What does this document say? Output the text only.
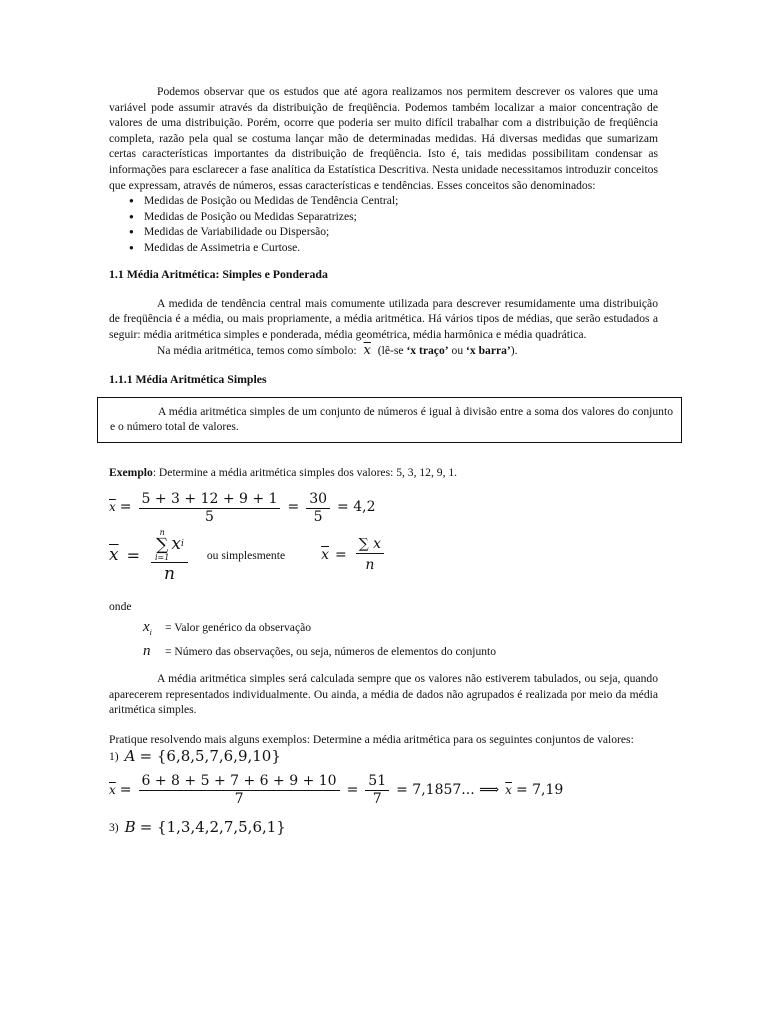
Podemos observar que os estudos que até agora realizamos nos permitem descrever os valores que uma variável pode assumir através da distribuição de freqüência. Podemos também localizar a maior concentração de valores de uma distribuição. Porém, ocorre que poderia ser muito difícil trabalhar com a distribuição de freqüência completa, razão pela qual se costuma lançar mão de determinadas medidas. Há diversas medidas que sumarizam certas características importantes da distribuição de freqüência. Isto é, tais medidas possibilitam condensar as informações para esclarecer a fase analítica da Estatística Descritiva. Nesta unidade necessitamos introduzir conceitos que expressam, através de números, essas características e tendências. Esses conceitos são denominados:

● Medidas de Posição ou Medidas de Tendência Central;
● Medidas de Posição ou Medidas Separatrizes;
● Medidas de Variabilidade ou Dispersão;
● Medidas de Assimetria e Curtose.
1.1 Média Aritmética: Simples e Ponderada

A medida de tendência central mais comumente utilizada para descrever resumidamente uma distribuição de freqüência é a média, ou mais propriamente, a média aritmética. Há vários tipos de médias, que serão estudados a seguir: média aritmética simples e ponderada, média geométrica, média harmônica e média quadrática.

Na média aritmética, temos como símbolo: $\overline{x}$ (lê-se ‘x traço’ ou ‘x barra’).

1.1.1 Média Aritmética Simples

A média aritmética simples de um conjunto de números é igual à divisão entre a soma dos valores do conjunto e o número total de valores.

Exemplo: Determine a média aritmética simples dos valores: 5, 3, 12, 9, 1.

$\overline{x} = \frac{5 + 3 + 12 + 9 + 1}{5} = \frac{30}{5} = 4,2$
$\overline{x} = n$
∑
i=1
x i
n ou simplesmente	$\overline{x} = \frac{\sum x}{n}$

onde

$x_i$	= Valor genérico da observação
n	= Número das observações, ou seja, números de elementos do conjunto

A média aritmética simples será calculada sempre que os valores não estiverem tabulados, ou seja, quando aparecerem representados individualmente. Ou ainda, a média de dados não agrupados é realizada por meio da média aritmética simples.

Pratique resolvendo mais alguns exemplos: Determine a média aritmética para os seguintes conjuntos de valores:

1) A = {6,8,5,7,6,9,10}
$\overline{x} = \frac{6 + 8 + 5 + 7 + 6 + 9 + 10}{7} = \frac{51}{7} = 7,1857$... ⟹ $\overline{x} = 7,19$
3) B = {1,3,4,2,7,5,6,1}
